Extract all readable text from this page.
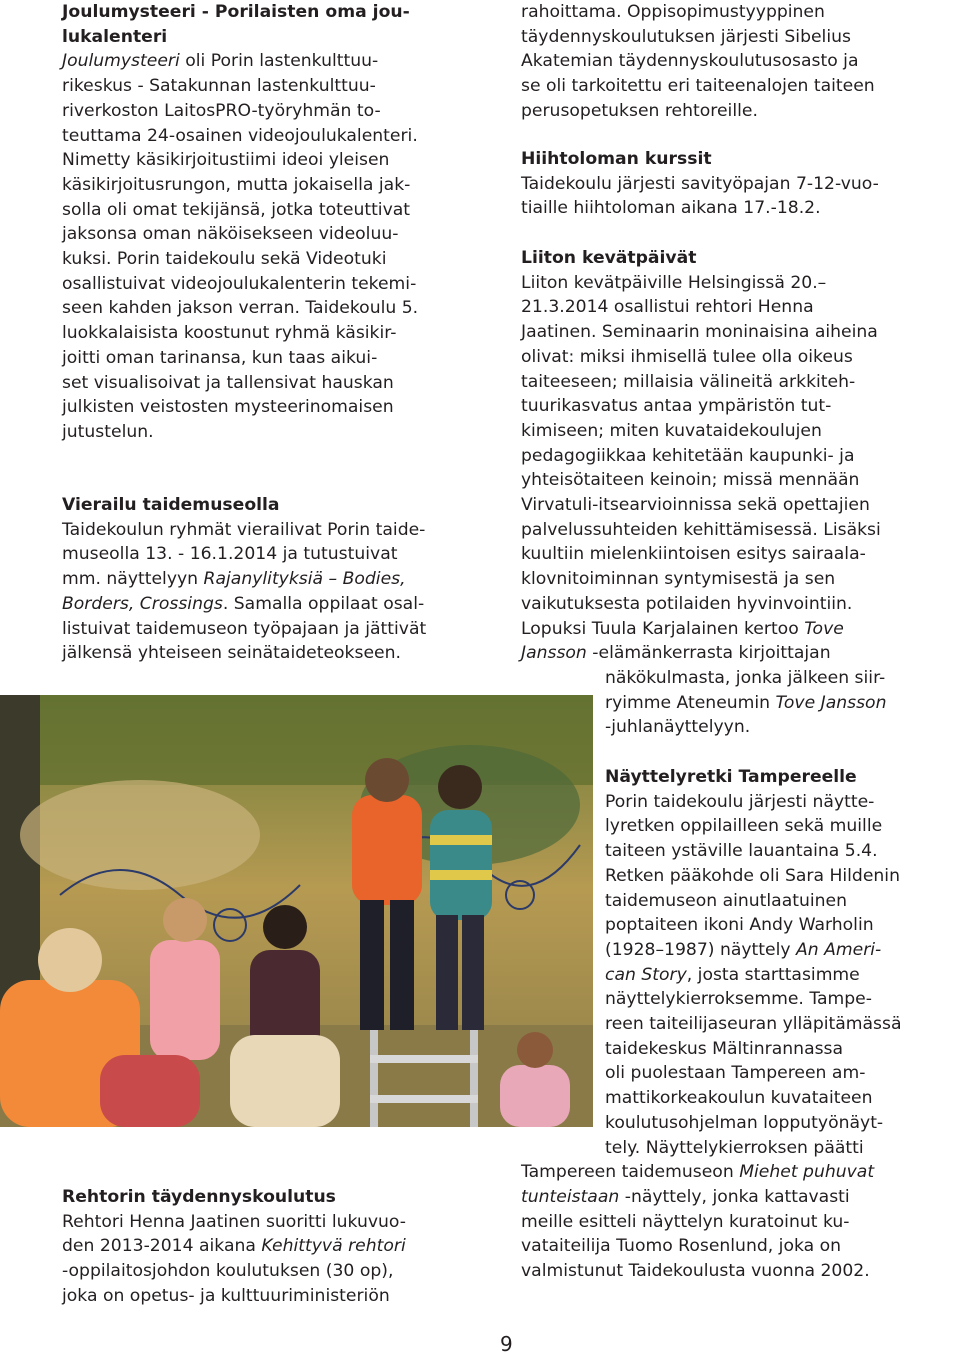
Joulumysteeri - Porilaisten oma jou-
lukalenteri
Joulumysteeri oli Porin lastenkulttuu-
rikeskus - Satakunnan lastenkulttuu-
riverkoston LaitosPRO-työryhmän to-
teuttama 24-osainen videojoulukalenteri.
Nimetty käsikirjoitustiimi ideoi yleisen
käsikirjoitusrungon, mutta jokaisella jak-
solla oli omat tekijänsä, jotka toteuttivat
jaksonsa oman näköisekseen videoluu-
kuksi. Porin taidekoulu sekä Videotuki
osallistuivat videojoulukalenterin tekemi-
seen kahden jakson verran. Taidekoulu 5.
luokkalaisista koostunut ryhmä käsikir-
joitti oman tarinansa, kun taas aikui-
set visualisoivat ja tallensivat hauskan
julkisten veistosten mysteerinomaisen
jutustelun.
Vierailu taidemuseolla
Taidekoulun ryhmät vierailivat Porin taide-
museolla 13. - 16.1.2014 ja tutustuivat
mm. näyttelyyn Rajanylityksiä – Bodies,
Borders, Crossings. Samalla oppilaat osal-
listuivat taidemuseon työpajaan ja jättivät
jälkensä yhteiseen seinätaideteokseen.
Rehtorin täydennyskoulutus
Rehtori Henna Jaatinen suoritti lukuvuo-
den 2013-2014 aikana Kehittyvä rehtori
-oppilaitosjohdon koulutuksen (30 op),
joka on opetus- ja kulttuuriministeriön
rahoittama. Oppisopimustyyppinen
täydennyskoulutuksen järjesti Sibelius
Akatemian täydennyskoulutusosasto ja
se oli tarkoitettu eri taiteenalojen taiteen
perusopetuksen rehtoreille.
Hiihtoloman kurssit
Taidekoulu järjesti savityöpajan 7-12-vuo-
tiaille hiihtoloman aikana 17.-18.2.
Liiton kevätpäivät
Liiton kevätpäiville Helsingissä 20.–
21.3.2014 osallistui rehtori Henna
Jaatinen. Seminaarin moninaisina aiheina
olivat: miksi ihmisellä tulee olla oikeus
taiteeseen; millaisia välineitä arkkiteh-
tuurikasvatus antaa ympäristön tut-
kimiseen; miten kuvataidekoulujen
pedagogiikkaa kehitetään kaupunki- ja
yhteisötaiteen keinoin; missä mennään
Virvatuli-itsearvioinnissa sekä opettajien
palvelussuhteiden kehittämisessä. Lisäksi
kuultiin mielenkiintoisen esitys sairaala-
klovnitoiminnan syntymisestä ja sen
vaikutuksesta potilaiden hyvinvointiin.
Lopuksi Tuula Karjalainen kertoo Tove
Jansson -elämänkerrasta kirjoittajan
näkökulmasta, jonka jälkeen siir-
ryimme Ateneumin Tove Jansson
-juhlanäyttelyyn.
Näyttelyretki Tampereelle
Porin taidekoulu järjesti näytte-
lyretken oppilailleen sekä muille
taiteen ystäville lauantaina 5.4.
Retken pääkohde oli Sara Hildenin
taidemuseon ainutlaatuinen
poptaiteen ikoni Andy Warholin
(1928–1987) näyttely An Ameri-
can Story, josta starttasimme
näyttelykierroksemme. Tampe-
reen taiteilijaseuran ylläpitämässä
taidekeskus Mältinrannassa
oli puolestaan Tampereen am-
mattikorkeakoulun kuvataiteen
koulutusohjelman lopputyönäyt-
tely. Näyttelykierroksen päätti
Tampereen taidemuseon Miehet puhuvat
tunteistaan -näyttely, jonka kattavasti
meille esitteli näyttelyn kuratoinut ku-
vataiteilija Tuomo Rosenlund, joka on
valmistunut Taidekoulusta vuonna 2002.
9
